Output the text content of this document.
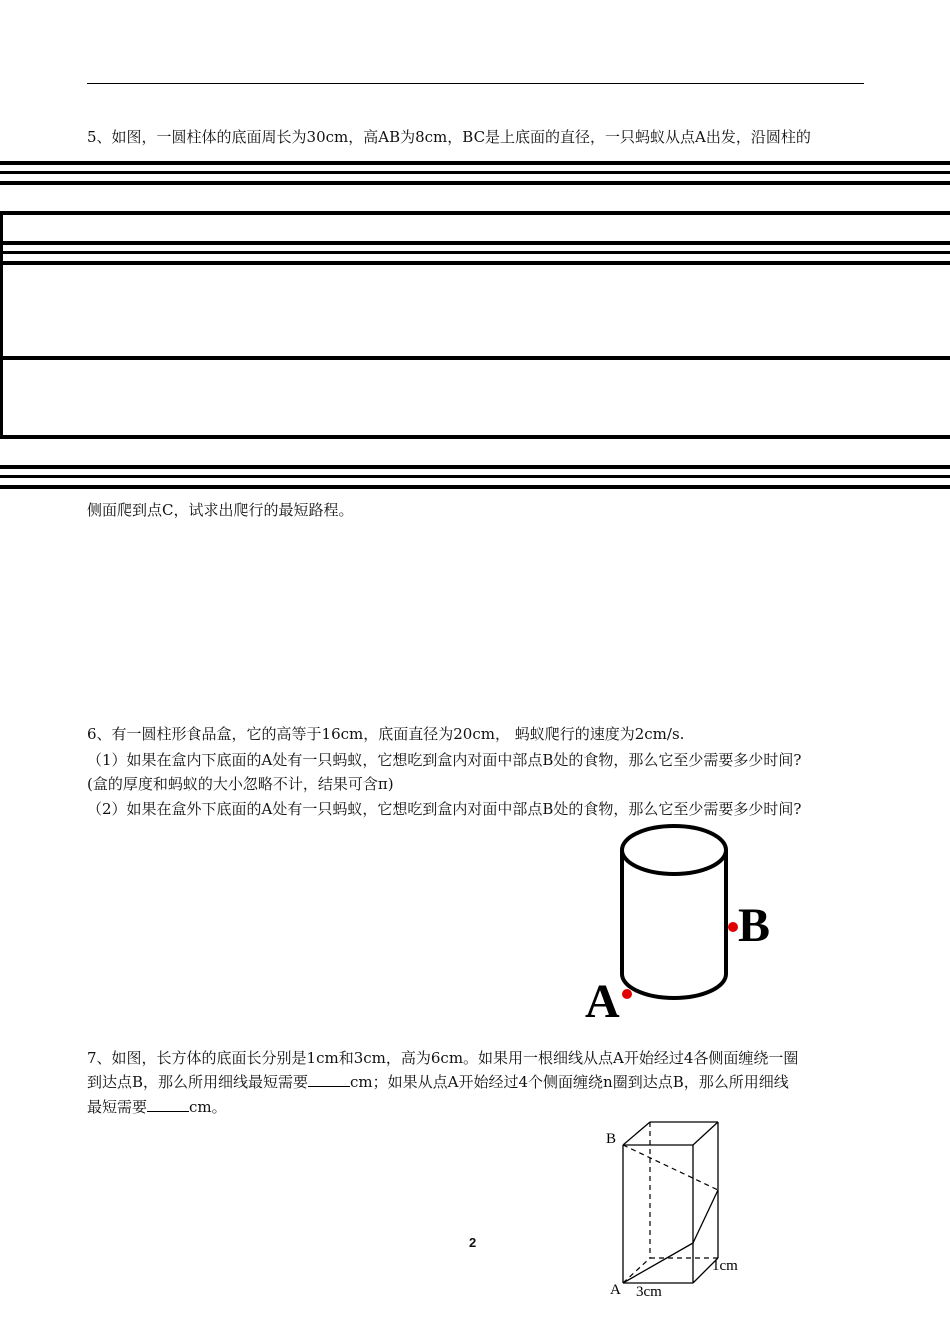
5、如图，一圆柱体的底面周长为30cm，高AB为8cm，BC是上底面的直径，一只蚂蚁从点A出发，沿圆柱的
侧面爬到点C，试求出爬行的最短路程。
6、有一圆柱形食品盒，它的高等于16cm，底面直径为20cm， 蚂蚁爬行的速度为2cm/s.
（1）如果在盒内下底面的A处有一只蚂蚁，它想吃到盒内对面中部点B处的食物，那么它至少需要多少时间?
(盒的厚度和蚂蚁的大小忽略不计，结果可含π)
（2）如果在盒外下底面的A处有一只蚂蚁，它想吃到盒内对面中部点B处的食物，那么它至少需要多少时间?
B
A
7、如图，长方体的底面长分别是1cm和3cm，高为6cm。如果用一根细线从点A开始经过4各侧面缠绕一圈
到达点B，那么所用细线最短需要	cm；如果从点A开始经过4个侧面缠绕n圈到达点B，那么所用细线
最短需要	cm。
B
A
1cm
3cm
2
